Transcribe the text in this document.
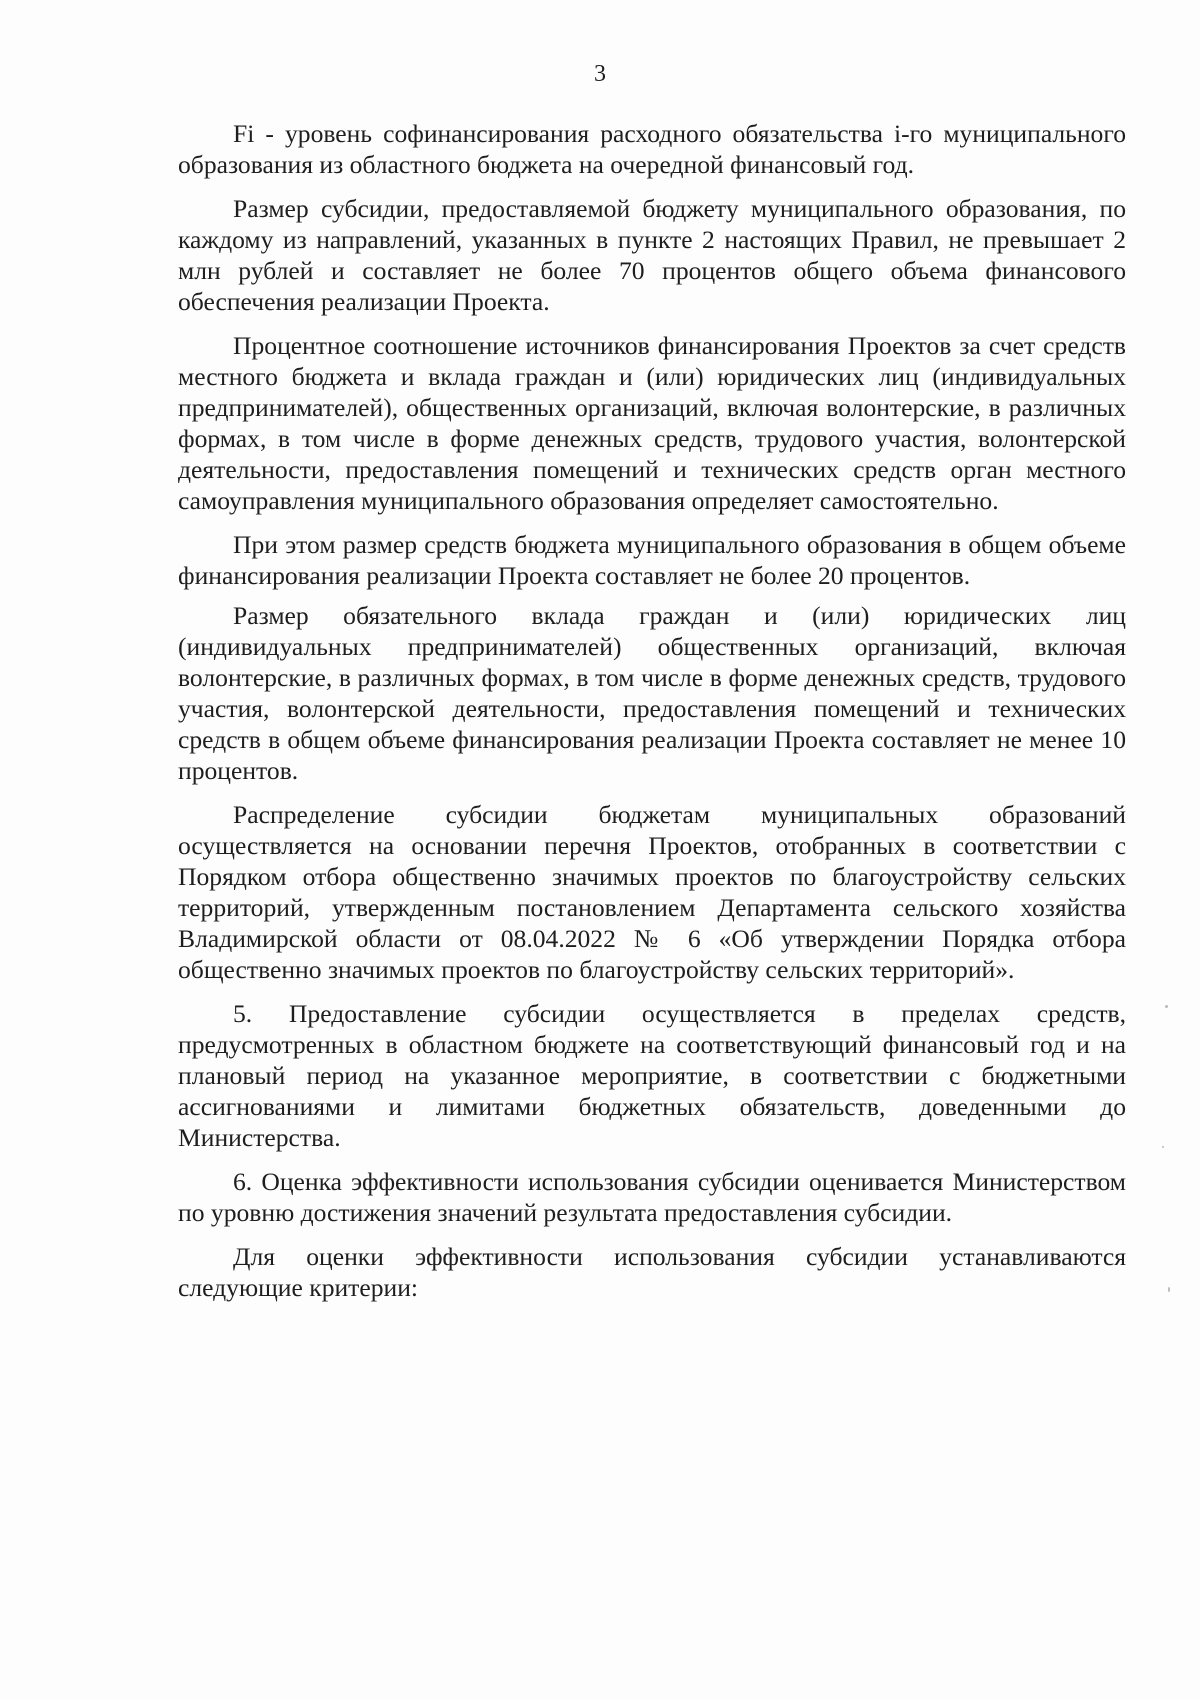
3

Fi - уровень софинансирования расходного обязательства i-го муниципального образования из областного бюджета на очередной финансовый год.

Размер субсидии, предоставляемой бюджету муниципального образования, по каждому из направлений, указанных в пункте 2 настоящих Правил, не превышает 2 млн рублей и составляет не более 70 процентов общего объема финансового обеспечения реализации Проекта.

Процентное соотношение источников финансирования Проектов за счет средств местного бюджета и вклада граждан и (или) юридических лиц (индивидуальных предпринимателей), общественных организаций, включая волонтерские, в различных формах, в том числе в форме денежных средств, трудового участия, волонтерской деятельности, предоставления помещений и технических средств орган местного самоуправления муниципального образования определяет самостоятельно.

При этом размер средств бюджета муниципального образования в общем объеме финансирования реализации Проекта составляет не более 20 процентов.

Размер обязательного вклада граждан и (или) юридических лиц (индивидуальных предпринимателей) общественных организаций, включая волонтерские, в различных формах, в том числе в форме денежных средств, трудового участия, волонтерской деятельности, предоставления помещений и технических средств в общем объеме финансирования реализации Проекта составляет не менее 10 процентов.

Распределение субсидии бюджетам муниципальных образований осуществляется на основании перечня Проектов, отобранных в соответствии с Порядком отбора общественно значимых проектов по благоустройству сельских территорий, утвержденным постановлением Департамента сельского хозяйства Владимирской области от 08.04.2022 № 6 «Об утверждении Порядка отбора общественно значимых проектов по благоустройству сельских территорий».

5. Предоставление субсидии осуществляется в пределах средств, предусмотренных в областном бюджете на соответствующий финансовый год и на плановый период на указанное мероприятие, в соответствии с бюджетными ассигнованиями и лимитами бюджетных обязательств, доведенными до Министерства.

6. Оценка эффективности использования субсидии оценивается Министерством по уровню достижения значений результата предоставления субсидии.

Для оценки эффективности использования субсидии устанавливаются следующие критерии:
